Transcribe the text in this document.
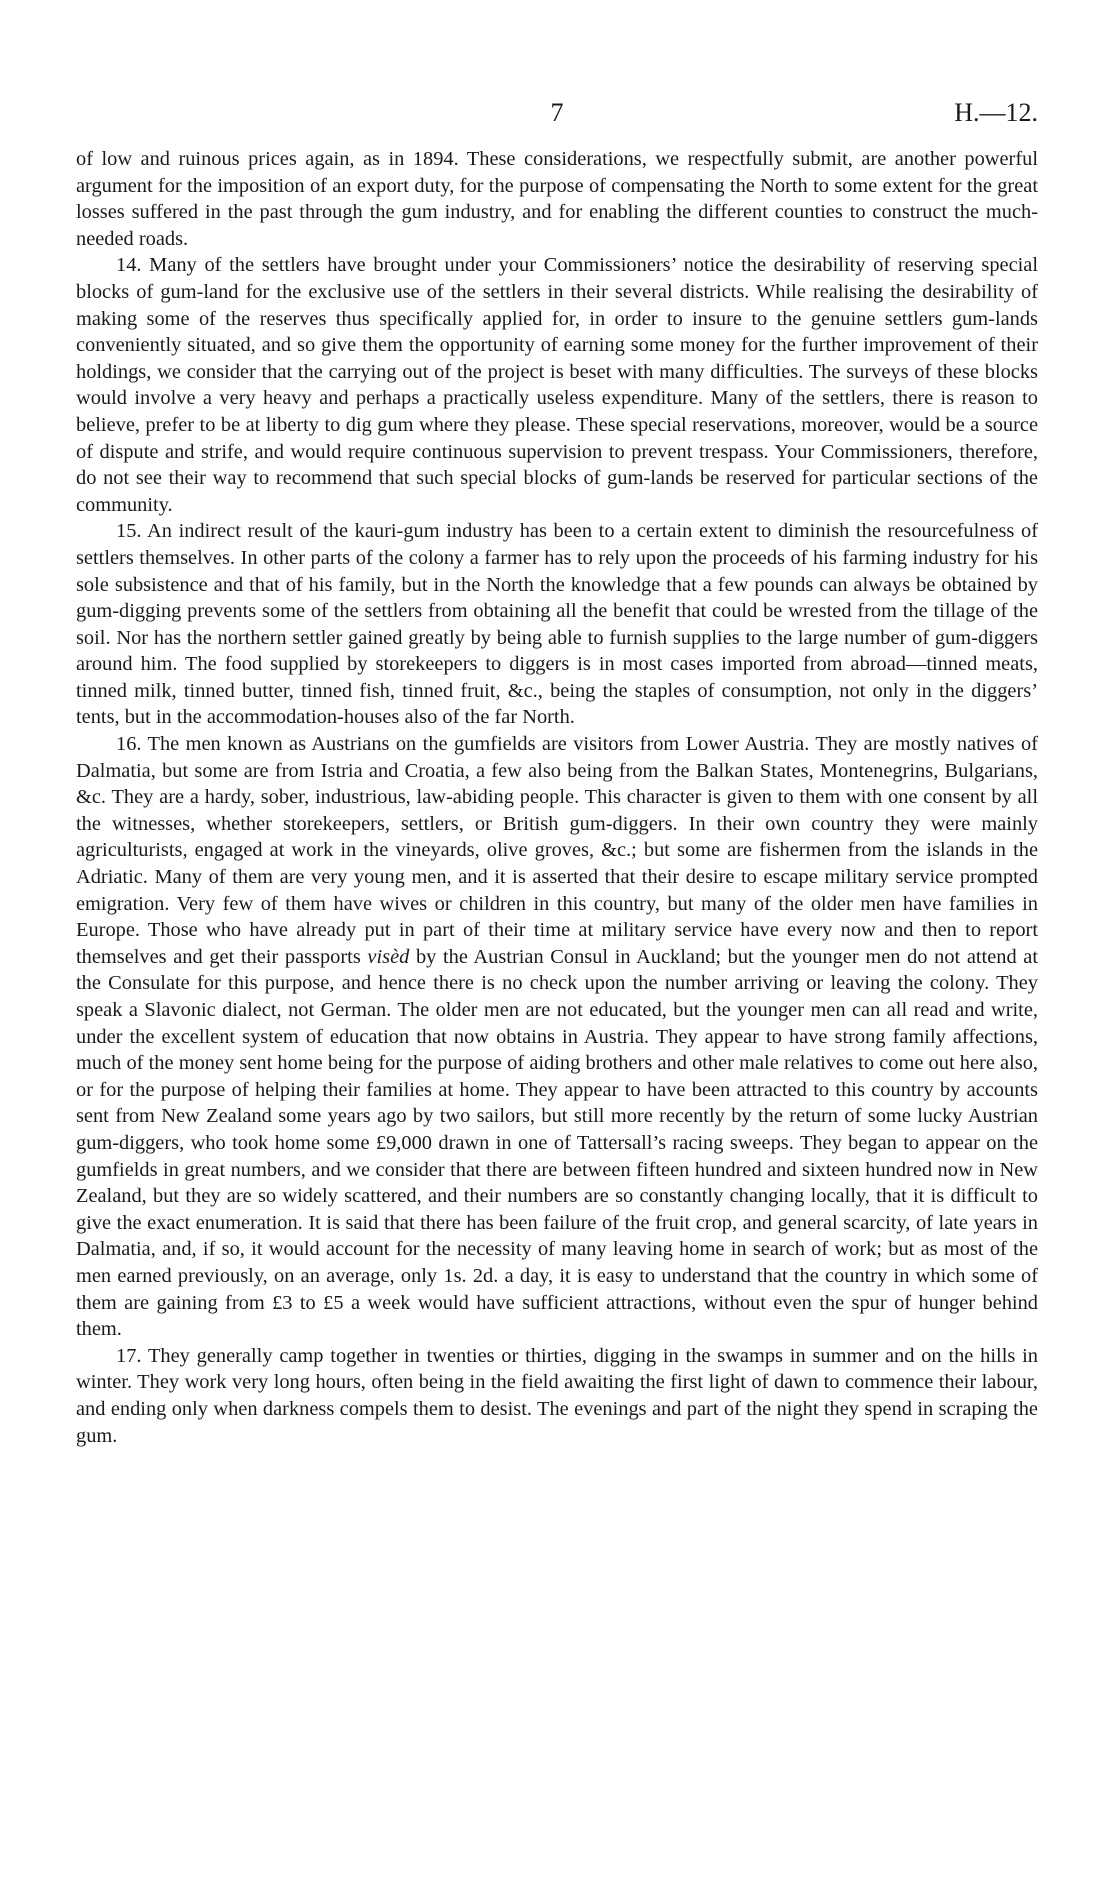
7	H.—12.

of low and ruinous prices again, as in 1894. These considerations, we respectfully submit, are another powerful argument for the imposition of an export duty, for the purpose of compensating the North to some extent for the great losses suffered in the past through the gum industry, and for enabling the different counties to construct the much-needed roads.

14. Many of the settlers have brought under your Commissioners’ notice the desirability of reserving special blocks of gum-land for the exclusive use of the settlers in their several districts. While realising the desirability of making some of the reserves thus specifically applied for, in order to insure to the genuine settlers gum-lands conveniently situated, and so give them the opportunity of earning some money for the further improvement of their holdings, we consider that the carrying out of the project is beset with many difficulties. The surveys of these blocks would involve a very heavy and perhaps a practically useless expenditure. Many of the settlers, there is reason to believe, prefer to be at liberty to dig gum where they please. These special reservations, moreover, would be a source of dispute and strife, and would require continuous supervision to prevent trespass. Your Commissioners, therefore, do not see their way to recommend that such special blocks of gum-lands be reserved for particular sections of the community.

15. An indirect result of the kauri-gum industry has been to a certain extent to diminish the resourcefulness of settlers themselves. In other parts of the colony a farmer has to rely upon the proceeds of his farming industry for his sole subsistence and that of his family, but in the North the knowledge that a few pounds can always be obtained by gum-digging prevents some of the settlers from obtaining all the benefit that could be wrested from the tillage of the soil. Nor has the northern settler gained greatly by being able to furnish supplies to the large number of gum-diggers around him. The food supplied by storekeepers to diggers is in most cases imported from abroad—tinned meats, tinned milk, tinned butter, tinned fish, tinned fruit, &c., being the staples of consumption, not only in the diggers’ tents, but in the accommodation-houses also of the far North.

16. The men known as Austrians on the gumfields are visitors from Lower Austria. They are mostly natives of Dalmatia, but some are from Istria and Croatia, a few also being from the Balkan States, Montenegrins, Bulgarians, &c. They are a hardy, sober, industrious, law-abiding people. This character is given to them with one consent by all the witnesses, whether storekeepers, settlers, or British gum-diggers. In their own country they were mainly agriculturists, engaged at work in the vineyards, olive groves, &c.; but some are fishermen from the islands in the Adriatic. Many of them are very young men, and it is asserted that their desire to escape military service prompted emigration. Very few of them have wives or children in this country, but many of the older men have families in Europe. Those who have already put in part of their time at military service have every now and then to report themselves and get their passports visèd by the Austrian Consul in Auckland; but the younger men do not attend at the Consulate for this purpose, and hence there is no check upon the number arriving or leaving the colony. They speak a Slavonic dialect, not German. The older men are not educated, but the younger men can all read and write, under the excellent system of education that now obtains in Austria. They appear to have strong family affections, much of the money sent home being for the purpose of aiding brothers and other male relatives to come out here also, or for the purpose of helping their families at home. They appear to have been attracted to this country by accounts sent from New Zealand some years ago by two sailors, but still more recently by the return of some lucky Austrian gum-diggers, who took home some £9,000 drawn in one of Tattersall’s racing sweeps. They began to appear on the gumfields in great numbers, and we consider that there are between fifteen hundred and sixteen hundred now in New Zealand, but they are so widely scattered, and their numbers are so constantly changing locally, that it is difficult to give the exact enumeration. It is said that there has been failure of the fruit crop, and general scarcity, of late years in Dalmatia, and, if so, it would account for the necessity of many leaving home in search of work; but as most of the men earned previously, on an average, only 1s. 2d. a day, it is easy to understand that the country in which some of them are gaining from £3 to £5 a week would have sufficient attractions, without even the spur of hunger behind them.

17. They generally camp together in twenties or thirties, digging in the swamps in summer and on the hills in winter. They work very long hours, often being in the field awaiting the first light of dawn to commence their labour, and ending only when darkness compels them to desist. The evenings and part of the night they spend in scraping the gum.
